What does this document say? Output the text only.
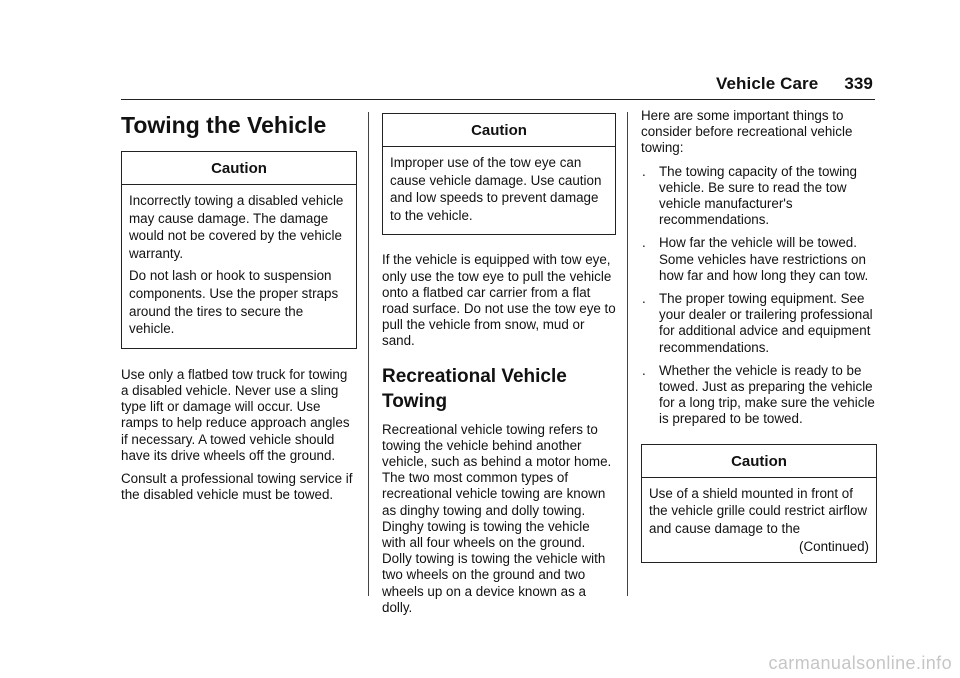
Vehicle Care 339
Towing the Vehicle
Caution

Incorrectly towing a disabled vehicle may cause damage. The damage would not be covered by the vehicle warranty.

Do not lash or hook to suspension components. Use the proper straps around the tires to secure the vehicle.

Use only a flatbed tow truck for towing a disabled vehicle. Never use a sling type lift or damage will occur. Use ramps to help reduce approach angles if necessary. A towed vehicle should have its drive wheels off the ground.

Consult a professional towing service if the disabled vehicle must be towed.

Caution

Improper use of the tow eye can cause vehicle damage. Use caution and low speeds to prevent damage to the vehicle.

If the vehicle is equipped with tow eye, only use the tow eye to pull the vehicle onto a flatbed car carrier from a flat road surface. Do not use the tow eye to pull the vehicle from snow, mud or sand.

Recreational Vehicle Towing

Recreational vehicle towing refers to towing the vehicle behind another vehicle, such as behind a motor home. The two most common types of recreational vehicle towing are known as dinghy towing and dolly towing. Dinghy towing is towing the vehicle with all four wheels on the ground. Dolly towing is towing the vehicle with two wheels on the ground and two wheels up on a device known as a dolly.

Here are some important things to consider before recreational vehicle towing:

. The towing capacity of the towing vehicle. Be sure to read the tow vehicle manufacturer's recommendations.
. How far the vehicle will be towed. Some vehicles have restrictions on how far and how long they can tow.
. The proper towing equipment. See your dealer or trailering professional for additional advice and equipment recommendations.
. Whether the vehicle is ready to be towed. Just as preparing the vehicle for a long trip, make sure the vehicle is prepared to be towed.
Caution

Use of a shield mounted in front of the vehicle grille could restrict airflow and cause damage to the

(Continued)
carmanualsonline.info
